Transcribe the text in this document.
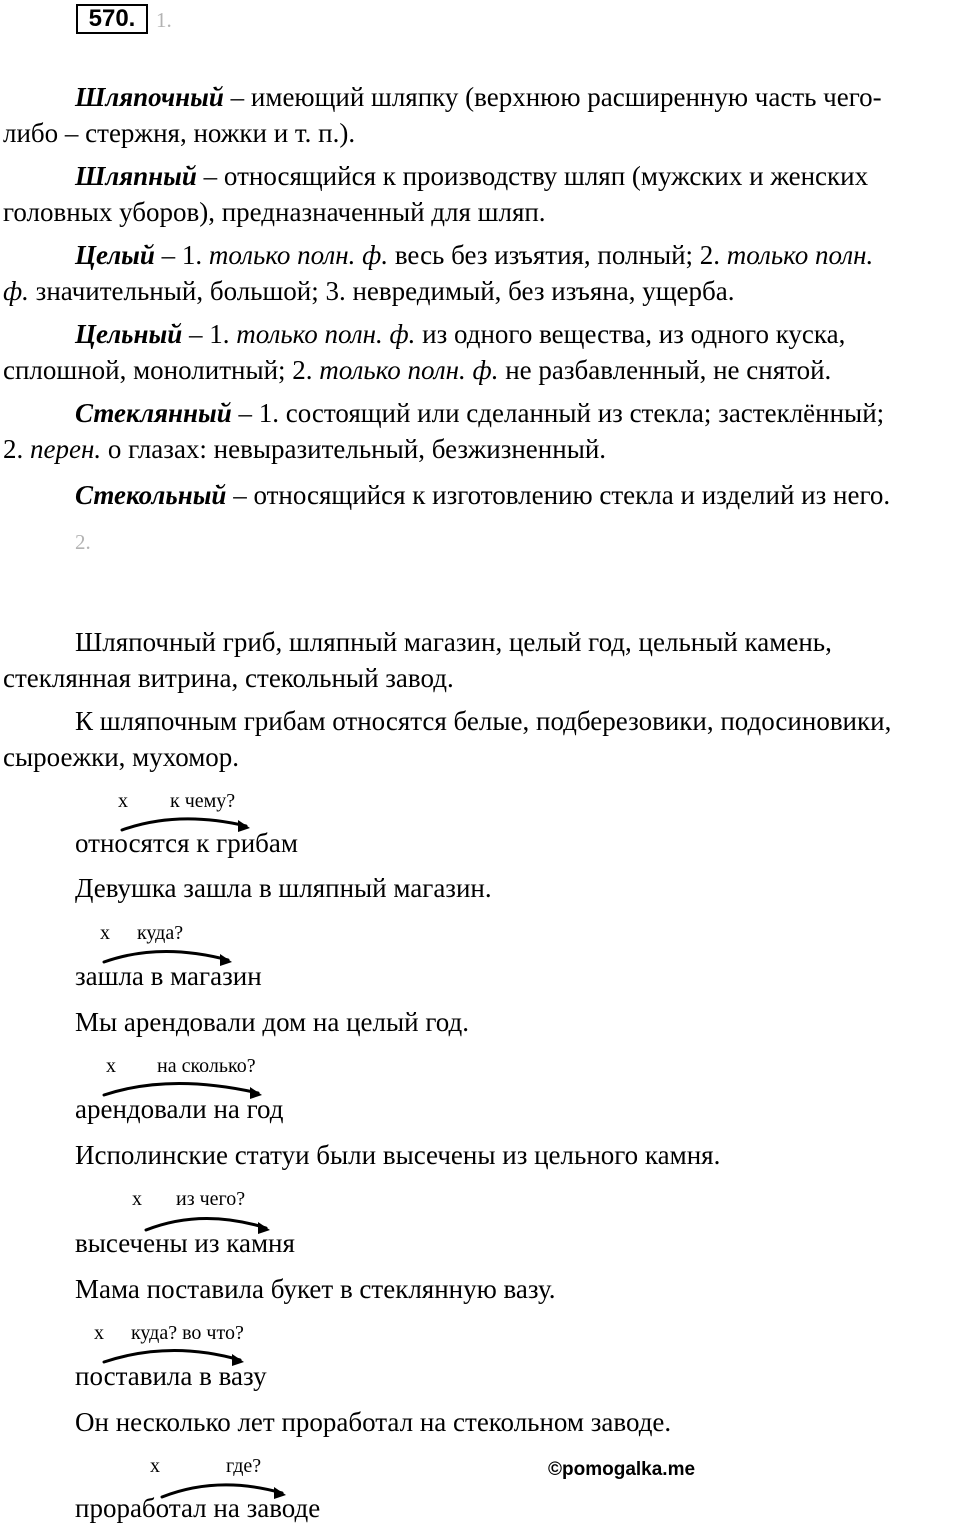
570. 1.

Шляпочный – имеющий шляпку (верхнюю расширенную часть чего-

либо – стержня, ножки и т. п.).

Шляпный – относящийся к производству шляп (мужских и женских

головных уборов), предназначенный для шляп.

Целый – 1. только полн. ф. весь без изъятия, полный; 2. только полн.

ф. значительный, большой; 3. невредимый, без изъяна, ущерба.

Цельный – 1. только полн. ф. из одного вещества, из одного куска,

сплошной, монолитный; 2. только полн. ф. не разбавленный, не снятой.

Стеклянный – 1. состоящий или сделанный из стекла; застеклённый;

2. перен. о глазах: невыразительный, безжизненный.

Стекольный – относящийся к изготовлению стекла и изделий из него.

2.

Шляпочный гриб, шляпный магазин, целый год, цельный камень,

стеклянная витрина, стекольный завод.

К шляпочным грибам относятся белые, подберезовики, подосиновики,

сыроежки, мухомор.

х к чему?

относятся к грибам

Девушка зашла в шляпный магазин.

х куда?

зашла в магазин

Мы арендовали дом на целый год.

х на сколько?

арендовали на год

Исполинские статуи были высечены из цельного камня.

х из чего?

высечены из камня

Мама поставила букет в стеклянную вазу.

х куда? во что?

поставила в вазу

Он несколько лет проработал на стекольном заводе.

х	где?

проработал на заводе

©pomogalka.me
